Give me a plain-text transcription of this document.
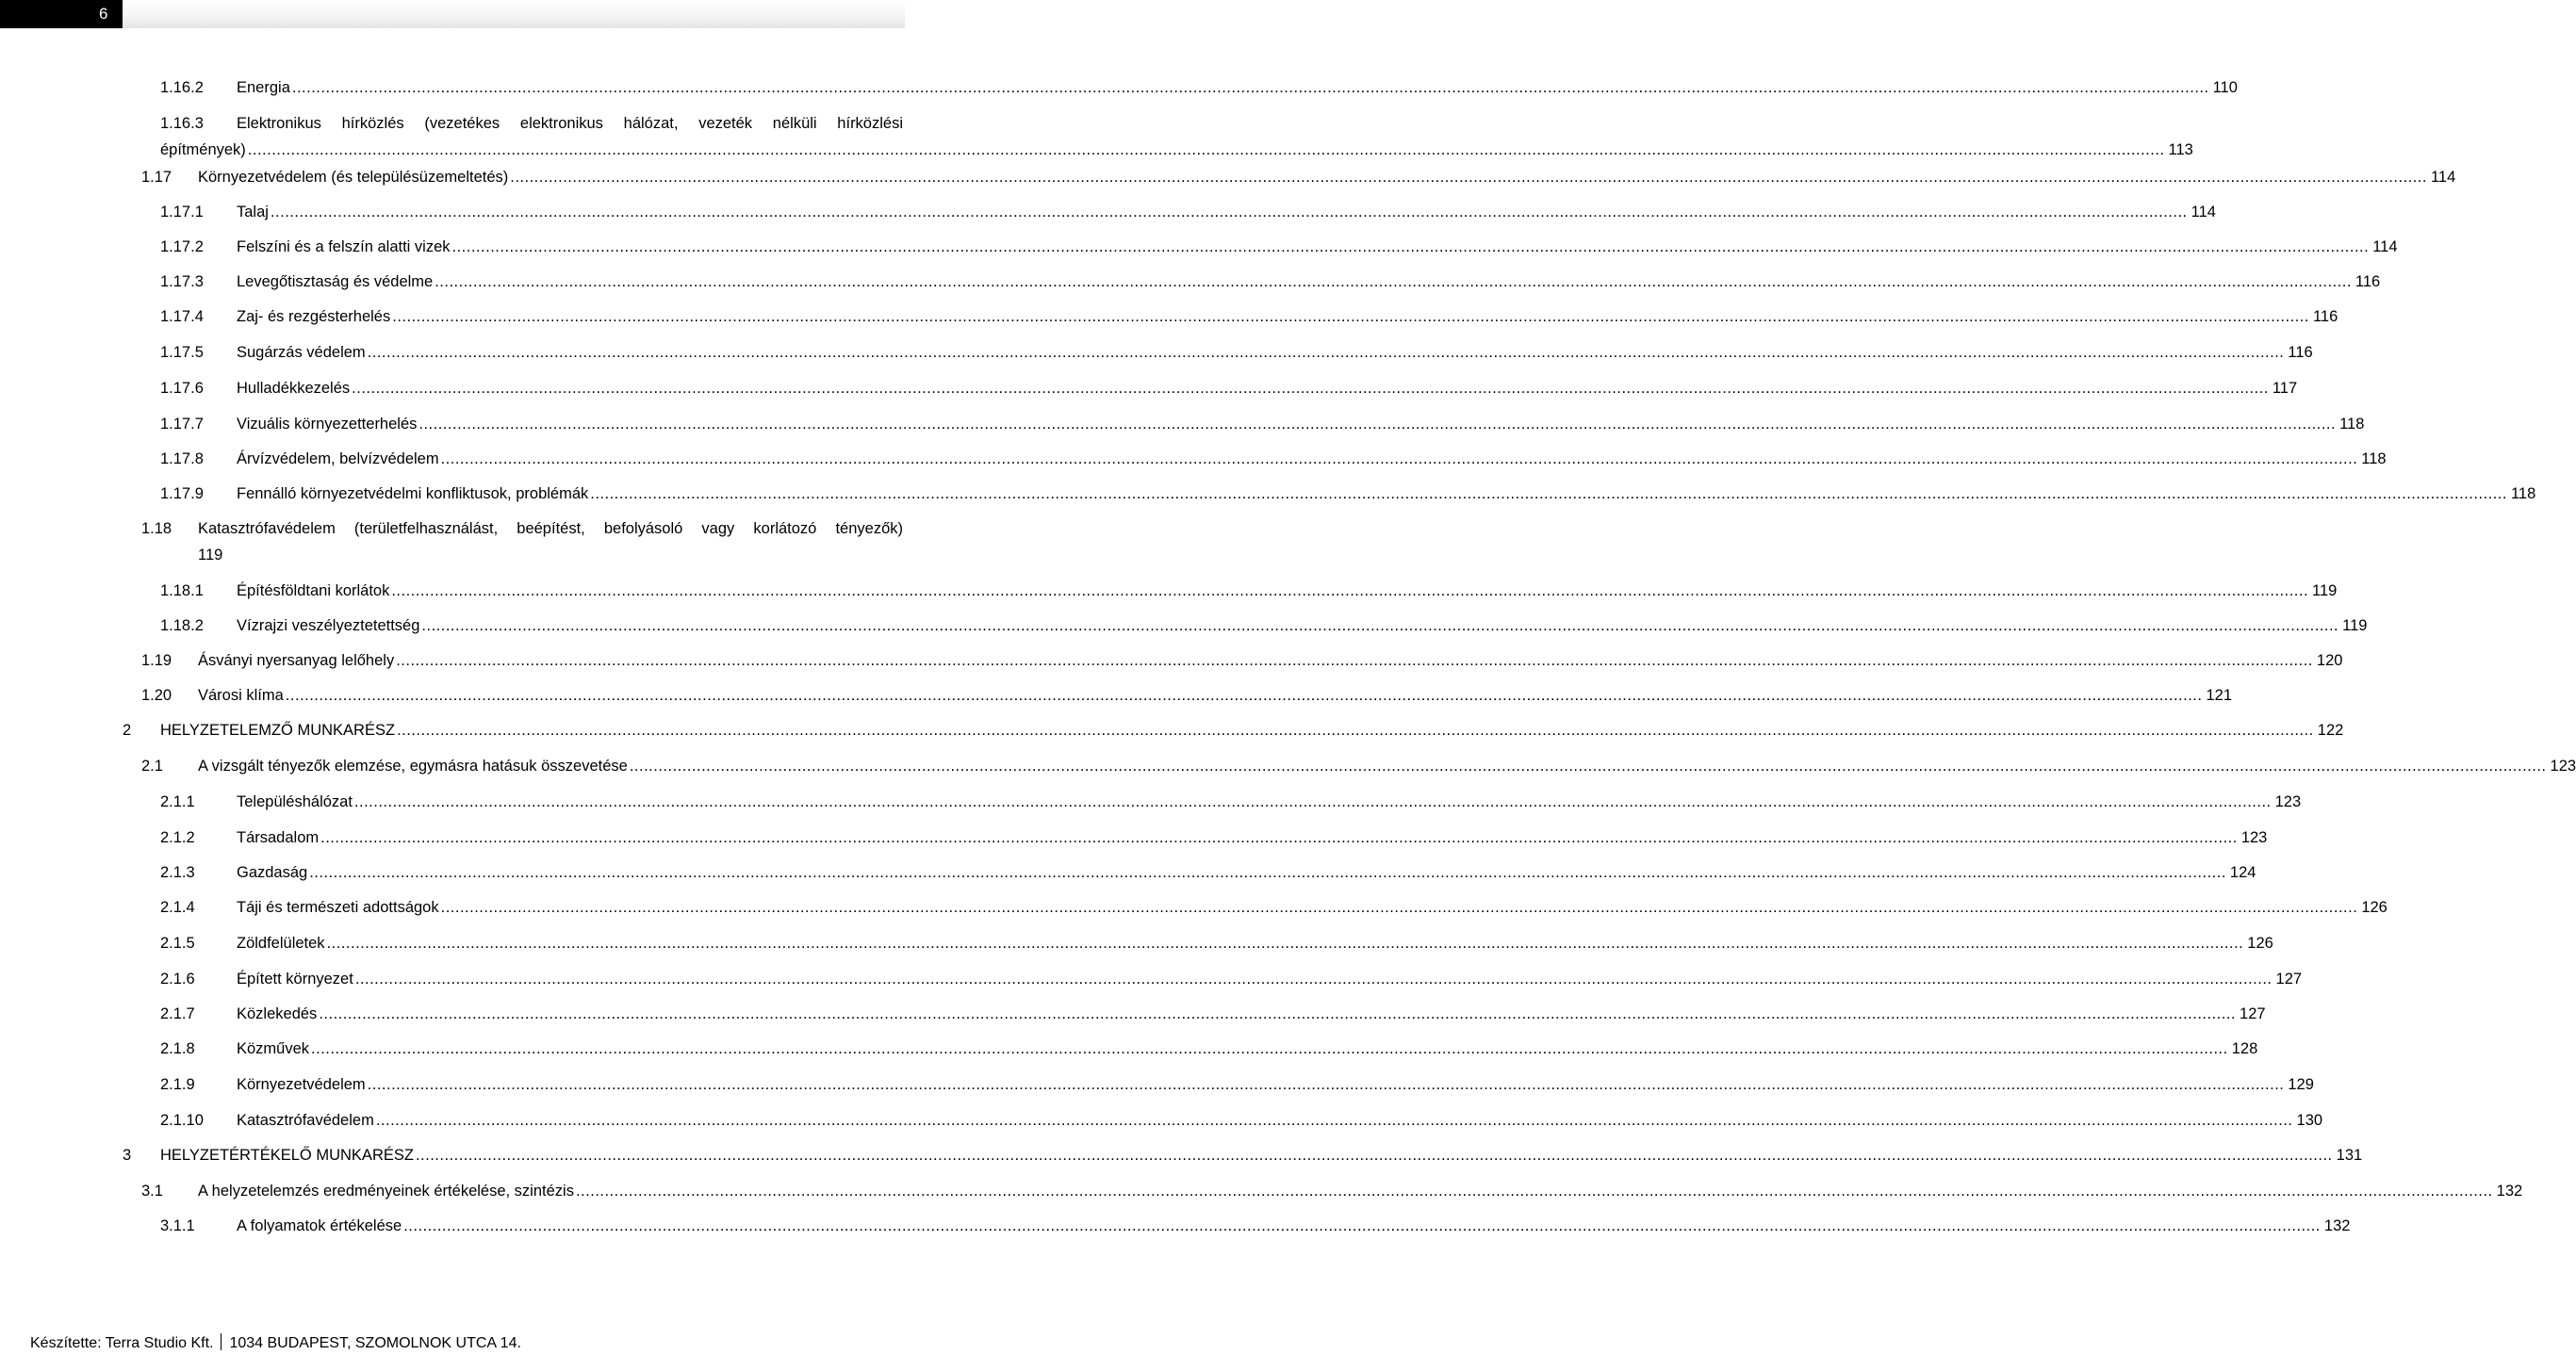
6
1.16.2 Energia ................................................................................................................................................................................................................................................................................................................................................................................................................ 110
1.16.3 Elektronikus hírközlés (vezetékes elektronikus hálózat, vezeték nélküli hírközlési
építmények) ................................................................................................................................................................................................................................................................................................................................................................................................................ 113
1.17 Környezetvédelem (és településüzemeltetés) ................................................................................................................................................................................................................................................................................................................................................................................................................ 114
1.17.1 Talaj ................................................................................................................................................................................................................................................................................................................................................................................................................ 114
1.17.2 Felszíni és a felszín alatti vizek ................................................................................................................................................................................................................................................................................................................................................................................................................ 114
1.17.3 Levegőtisztaság és védelme ................................................................................................................................................................................................................................................................................................................................................................................................................ 116
1.17.4 Zaj- és rezgésterhelés ................................................................................................................................................................................................................................................................................................................................................................................................................ 116
1.17.5 Sugárzás védelem ................................................................................................................................................................................................................................................................................................................................................................................................................ 116
1.17.6 Hulladékkezelés ................................................................................................................................................................................................................................................................................................................................................................................................................ 117
1.17.7 Vizuális környezetterhelés ................................................................................................................................................................................................................................................................................................................................................................................................................ 118
1.17.8 Árvízvédelem, belvízvédelem ................................................................................................................................................................................................................................................................................................................................................................................................................ 118
1.17.9 Fennálló környezetvédelmi konfliktusok, problémák ................................................................................................................................................................................................................................................................................................................................................................................................................ 118
1.18 Katasztrófavédelem (területfelhasználást, beépítést, befolyásoló vagy korlátozó tényezők)
119
1.18.1 Építésföldtani korlátok ................................................................................................................................................................................................................................................................................................................................................................................................................ 119
1.18.2 Vízrajzi veszélyeztetettség ................................................................................................................................................................................................................................................................................................................................................................................................................ 119
1.19 Ásványi nyersanyag lelőhely ................................................................................................................................................................................................................................................................................................................................................................................................................ 120
1.20 Városi klíma ................................................................................................................................................................................................................................................................................................................................................................................................................ 121
2 HELYZETELEMZŐ MUNKARÉSZ ................................................................................................................................................................................................................................................................................................................................................................................................................ 122
2.1 A vizsgált tényezők elemzése, egymásra hatásuk összevetése ................................................................................................................................................................................................................................................................................................................................................................................................................ 123
2.1.1	Településhálózat ................................................................................................................................................................................................................................................................................................................................................................................................................ 123
2.1.2	Társadalom ................................................................................................................................................................................................................................................................................................................................................................................................................ 123
2.1.3	Gazdaság ................................................................................................................................................................................................................................................................................................................................................................................................................ 124
2.1.4	Táji és természeti adottságok ................................................................................................................................................................................................................................................................................................................................................................................................................ 126
2.1.5	Zöldfelületek ................................................................................................................................................................................................................................................................................................................................................................................................................ 126
2.1.6	Épített környezet ................................................................................................................................................................................................................................................................................................................................................................................................................ 127
2.1.7	Közlekedés ................................................................................................................................................................................................................................................................................................................................................................................................................ 127
2.1.8	Közművek ................................................................................................................................................................................................................................................................................................................................................................................................................ 128
2.1.9	Környezetvédelem ................................................................................................................................................................................................................................................................................................................................................................................................................ 129
2.1.10 Katasztrófavédelem ................................................................................................................................................................................................................................................................................................................................................................................................................ 130
3 HELYZETÉRTÉKELŐ MUNKARÉSZ ................................................................................................................................................................................................................................................................................................................................................................................................................ 131
3.1 A helyzetelemzés eredményeinek értékelése, szintézis ................................................................................................................................................................................................................................................................................................................................................................................................................ 132
3.1.1	A folyamatok értékelése ................................................................................................................................................................................................................................................................................................................................................................................................................ 132
Készítette: Terra Studio Kft. 1034 BUDAPEST, SZOMOLNOK UTCA 14.
